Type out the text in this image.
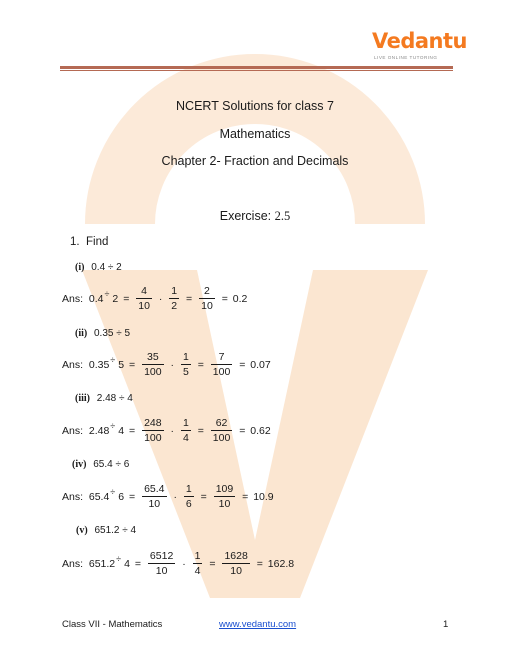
Vedantu
LIVE ONLINE TUTORING
NCERT Solutions for class 7
Mathematics
Chapter 2- Fraction and Decimals
Exercise: 2.5
1. Find
(i) 0.4 ÷ 2
Ans: $0.4\div 2 = \frac{4}{10} \cdot \frac{1}{2} = \frac{2}{10} = 0.2$
(ii) 0.35 ÷ 5
Ans: $0.35\div 5 = \frac{35}{100} \cdot \frac{1}{5} = \frac{7}{100} = 0.07$
(iii) 2.48 ÷ 4
Ans: $2.48\div 4 = \frac{248}{100} \cdot \frac{1}{4} = \frac{62}{100} = 0.62$
(iv) 65.4 ÷ 6
Ans: $65.4\div 6 = \frac{65.4}{10} \cdot \frac{1}{6} = \frac{109}{10} = 10.9$
(v) 651.2 ÷ 4
Ans: $651.2\div 4 = \frac{6512}{10} \cdot \frac{1}{4} = \frac{1628}{10} = 162.8$
Class VII - Mathematics	www.vedantu.com	1
